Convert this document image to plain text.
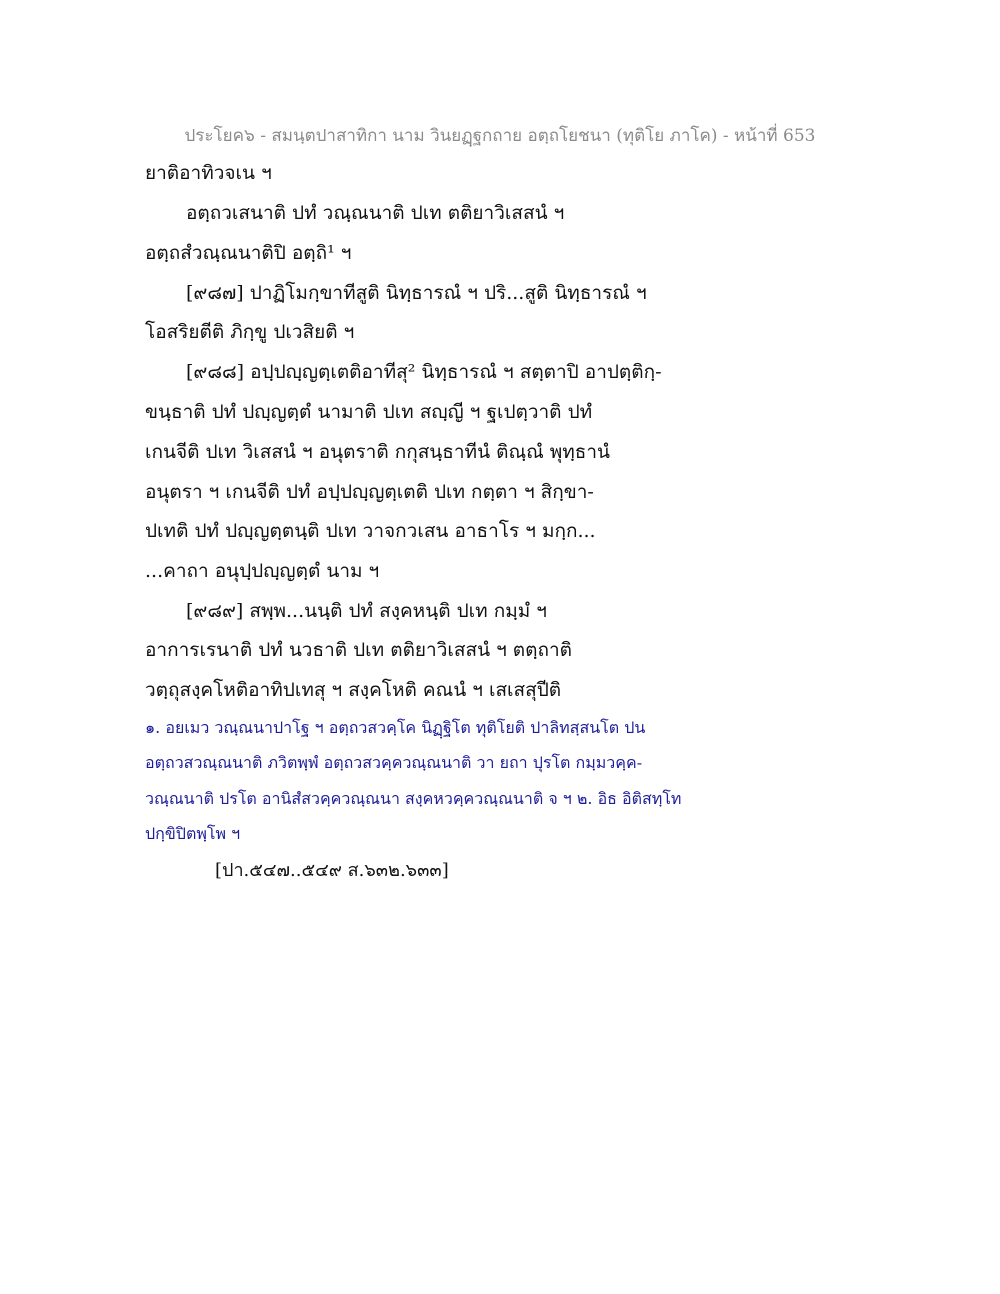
ประโยค๖ - สมนฺตปาสาทิกา นาม วินยฏฺฐกถาย อตฺถโยชนา (ทุติโย ภาโค) - หน้าที่ 653
ยาติอาทิวจเน ฯ
อตฺถวเสนาติ ปทํ วณฺณนาติ ปเท ตติยาวิเสสนํ ฯ
อตฺถสํวณฺณนาติปิ อตฺถิ¹ ฯ
[๙๘๗] ปาฏิโมกฺขาทีสูติ นิทฺธารณํ ฯ ปริ...สูติ นิทฺธารณํ ฯ
โอสริยตีติ ภิกฺขู ปเวสิยติ ฯ
[๙๘๘] อปฺปญฺญตฺเตติอาทีสุ² นิทฺธารณํ ฯ สตฺตาปิ อาปตฺติกฺ-
ขนฺธาติ ปทํ ปญฺญตฺตํ นามาติ ปเท สญฺญี ฯ ฐเปตฺวาติ ปทํ
เกนจีติ ปเท วิเสสนํ ฯ อนุตราติ กกุสนฺธาทีนํ ติณฺณํ พุทฺธานํ
อนุตรา ฯ เกนจีติ ปทํ อปฺปญฺญตฺเตติ ปเท กตฺตา ฯ สิกฺขา-
ปเทติ ปทํ ปญฺญตฺตนฺติ ปเท วาจกวเสน อาธาโร ฯ มกฺก...
...คาถา อนุปฺปญฺญตฺตํ นาม ฯ
[๙๘๙] สพฺพ...นนฺติ ปทํ สงฺคหนฺติ ปเท กมฺมํ ฯ
อาการเรนาติ ปทํ นวธาติ ปเท ตติยาวิเสสนํ ฯ ตตฺถาติ
วตฺถุสงฺคโหติอาทิปเทสุ ฯ สงฺคโหติ คณนํ ฯ เสเสสุปีติ
๑. อยเมว วณฺณนาปาโฐ ฯ อตฺถวสวคฺโค นิฏฺฐิโต ทุติโยติ ปาลิทสฺสนโต ปน
อตฺถวสวณฺณนาติ ภวิตพฺพํ อตฺถวสวคฺควณฺณนาติ วา ยถา ปุรโต กมฺมวคฺค-
วณฺณนาติ ปรโต อานิสํสวคฺควณฺณนา สงฺคหวคฺควณฺณนาติ จ ฯ ๒. อิธ อิติสทฺโท
ปกฺขิปิตพฺโพ ฯ
[ปา.๕๔๗..๕๔๙ ส.๖๓๒.๖๓๓]
